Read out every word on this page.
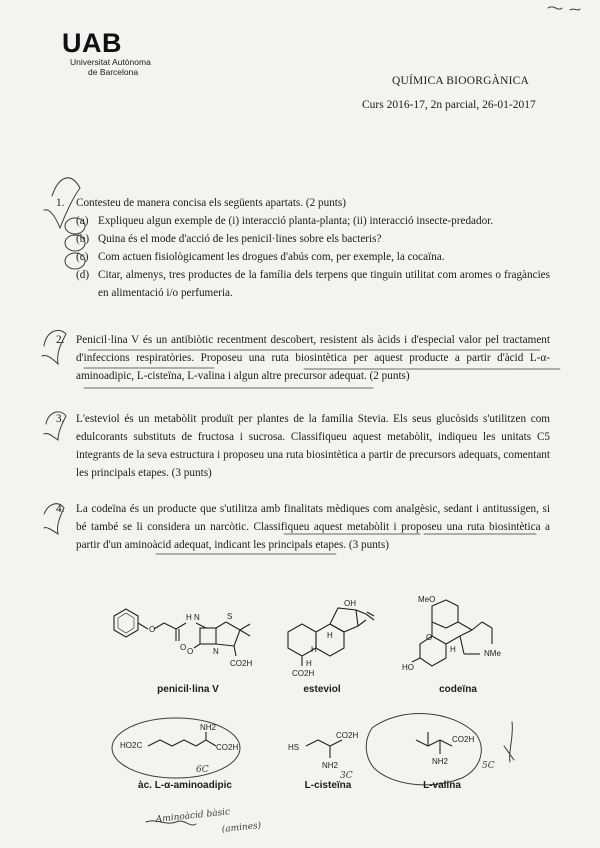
UAB
Universitat Autònoma
de Barcelona
QUÍMICA BIOORGÀNICA
Curs 2016-17, 2n parcial, 26-01-2017
1.	Contesteu de manera concisa els següents apartats. (2 punts)

(a) Expliqueu algun exemple de (i) interacció planta-planta; (ii) interacció insecte-predador.
(b) Quina és el mode d'acció de les penicil·lines sobre els bacteris?
(c) Com actuen fisiològicament les drogues d'abús com, per exemple, la cocaïna.
(d) Citar, almenys, tres productes de la família dels terpens que tinguin utilitat com aromes o fragàncies en alimentació i/o perfumeria.
2.	Penicil·lina V és un antibiòtic recentment descobert, resistent als àcids i d'especial valor pel tractament d'infeccions respiratòries. Proposeu una ruta biosintètica per aquest producte a partir d'àcid L-α-aminoadipic, L-cisteïna, L-valina i algun altre precursor adequat. (2 punts)

3.	L'esteviol és un metabòlit produït per plantes de la família Stevia. Els seus glucòsids s'utilitzen com edulcorants substituts de fructosa i sucrosa. Classifiqueu aquest metabòlit, indiqueu les unitats C5 integrants de la seva estructura i proposeu una ruta biosintètica a partir de precursors adequats, comentant les principals etapes. (3 punts)

4.	La codeïna és un producte que s'utilitza amb finalitats mèdiques com analgèsic, sedant i antitussigen, si bé també se li considera un narcòtic. Classifiqueu aquest metabòlit i proposeu una ruta biosintètica a partir d'un aminoàcid adequat, indicant les principals etapes. (3 punts)

6C
3C
5C
Aminoàcid bàsic
(amines)
O
O
H N	S
N
O
CO2H
penicil·lina V
OH
H
H
H
CO2H
esteviol
MeO
O
H
HO
NMe
codeïna
HO2C
NH2
CO2H
àc. L-α-aminoadipic
HS
CO2H
NH2
L-cisteïna
CO2H
NH2
L-valina
